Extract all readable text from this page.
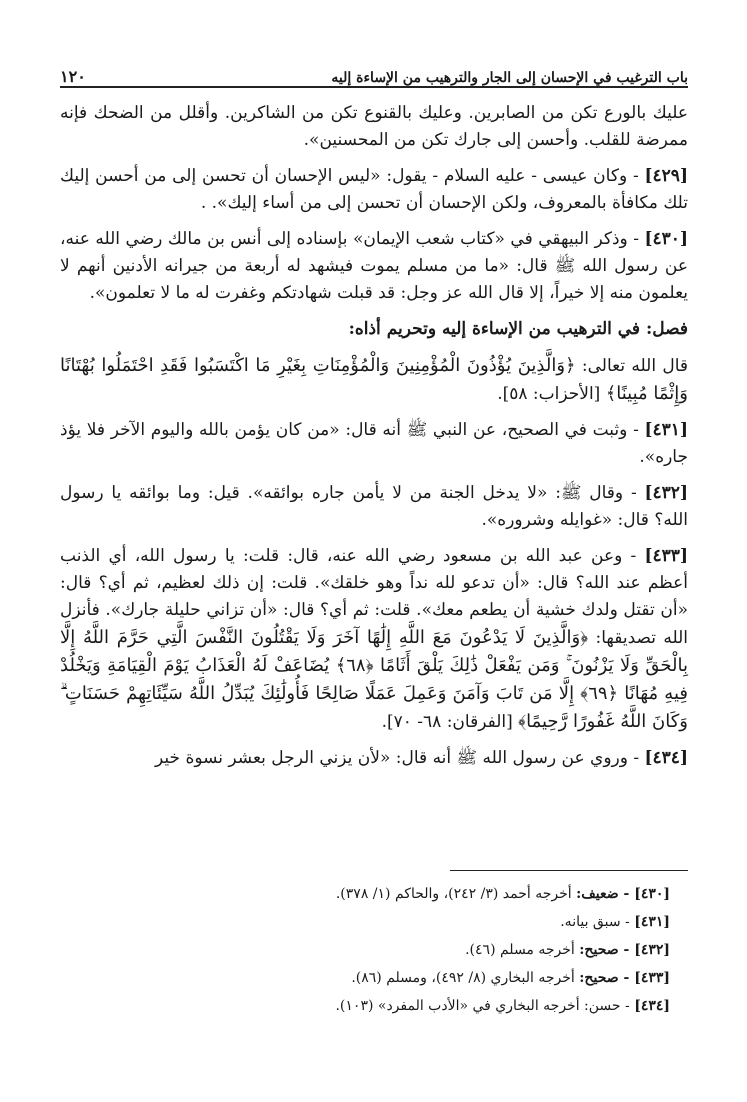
باب الترغيب في الإحسان إلى الجار والترهيب من الإساءة إليه
١٢٠

عليك بالورع تكن من الصابرين. وعليك بالقنوع تكن من الشاكرين. وأقلل من الضحك فإنه ممرضة للقلب. وأحسن إلى جارك تكن من المحسنين».

[٤٢٩] - وكان عيسى - عليه السلام - يقول: «ليس الإحسان أن تحسن إلى من أحسن إليك تلك مكافأة بالمعروف، ولكن الإحسان أن تحسن إلى من أساء إليك». .

[٤٣٠] - وذكر البيهقي في «كتاب شعب الإيمان» بإسناده إلى أنس بن مالك رضي الله عنه، عن رسول الله ﷺ قال: «ما من مسلم يموت فيشهد له أربعة من جيرانه الأدنين أنهم لا يعلمون منه إلا خيراً، إلا قال الله عز وجل: قد قبلت شهادتكم وغفرت له ما لا تعلمون».

فصل: في الترهيب من الإساءة إليه وتحريم أذاه:

قال الله تعالى: ﴿وَالَّذِينَ يُؤْذُونَ الْمُؤْمِنِينَ وَالْمُؤْمِنَاتِ بِغَيْرِ مَا اكْتَسَبُوا فَقَدِ احْتَمَلُوا بُهْتَانًا وَإِثْمًا مُبِينًا﴾ [الأحزاب: ٥٨].

[٤٣١] - وثبت في الصحيح، عن النبي ﷺ أنه قال: «من كان يؤمن بالله واليوم الآخر فلا يؤذ جاره».

[٤٣٢] - وقال ﷺ: «لا يدخل الجنة من لا يأمن جاره بوائقه». قيل: وما بوائقه يا رسول الله؟ قال: «غوايله وشروره».

[٤٣٣] - وعن عبد الله بن مسعود رضي الله عنه، قال: قلت: يا رسول الله، أي الذنب أعظم عند الله؟ قال: «أن تدعو لله نداً وهو خلقك». قلت: إن ذلك لعظيم، ثم أي؟ قال: «أن تقتل ولدك خشية أن يطعم معك». قلت: ثم أي؟ قال: «أن تزاني حليلة جارك». فأنزل الله تصديقها: ﴿وَالَّذِينَ لَا يَدْعُونَ مَعَ اللَّهِ إِلَٰهًا آخَرَ وَلَا يَقْتُلُونَ النَّفْسَ الَّتِي حَرَّمَ اللَّهُ إِلَّا بِالْحَقِّ وَلَا يَزْنُونَ ۚ وَمَن يَفْعَلْ ذَٰلِكَ يَلْقَ أَثَامًا ﴿٦٨﴾ يُضَاعَفْ لَهُ الْعَذَابُ يَوْمَ الْقِيَامَةِ وَيَخْلُدْ فِيهِ مُهَانًا ﴿٦٩﴾ إِلَّا مَن تَابَ وَآمَنَ وَعَمِلَ عَمَلًا صَالِحًا فَأُولَٰئِكَ يُبَدِّلُ اللَّهُ سَيِّئَاتِهِمْ حَسَنَاتٍ ۗ وَكَانَ اللَّهُ غَفُورًا رَّحِيمًا﴾ [الفرقان: ٦٨- ٧٠].

[٤٣٤] - وروي عن رسول الله ﷺ أنه قال: «لأن يزني الرجل بعشر نسوة خير

[٤٣٠] - ضعيف: أخرجه أحمد (٣/ ٢٤٢)، والحاكم (١/ ٣٧٨).
[٤٣١] - سبق بيانه.
[٤٣٢] - صحيح: أخرجه مسلم (٤٦).
[٤٣٣] - صحيح: أخرجه البخاري (٨/ ٤٩٢)، ومسلم (٨٦).
[٤٣٤] - حسن: أخرجه البخاري في «الأدب المفرد» (١٠٣).
